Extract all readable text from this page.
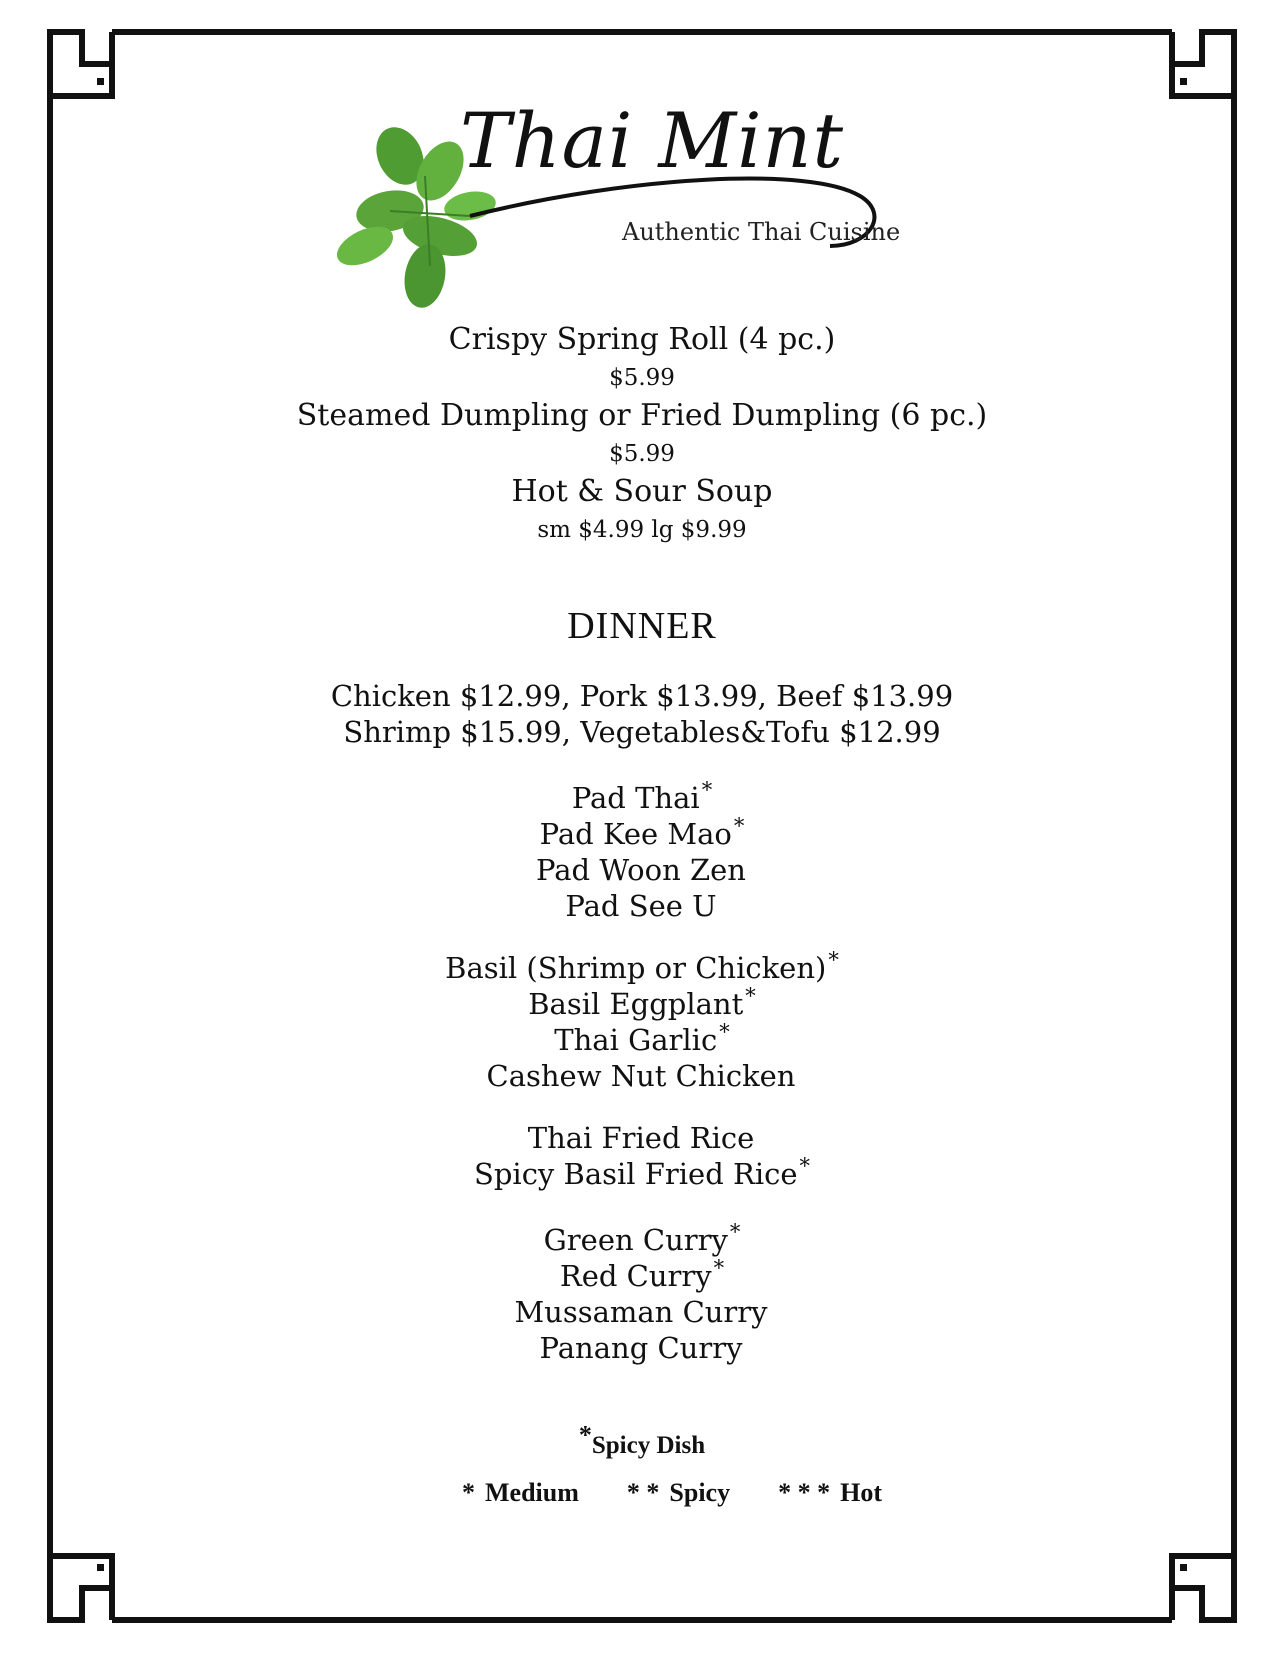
Thai Mint
Authentic Thai Cuisine
Crispy Spring Roll (4 pc.)
$5.99
Steamed Dumpling or Fried Dumpling (6 pc.)
$5.99
Hot & Sour Soup
sm $4.99 lg $9.99
DINNER
Chicken $12.99, Pork $13.99, Beef $13.99
Shrimp $15.99, Vegetables&Tofu $12.99
Pad Thai*
Pad Kee Mao*
Pad Woon Zen
Pad See U
Basil (Shrimp or Chicken)*
Basil Eggplant*
Thai Garlic*
Cashew Nut Chicken
Thai Fried Rice
Spicy Basil Fried Rice*
Green Curry*
Red Curry*
Mussaman Curry
Panang Curry
*Spicy Dish
* Medium * * Spicy * * * Hot
